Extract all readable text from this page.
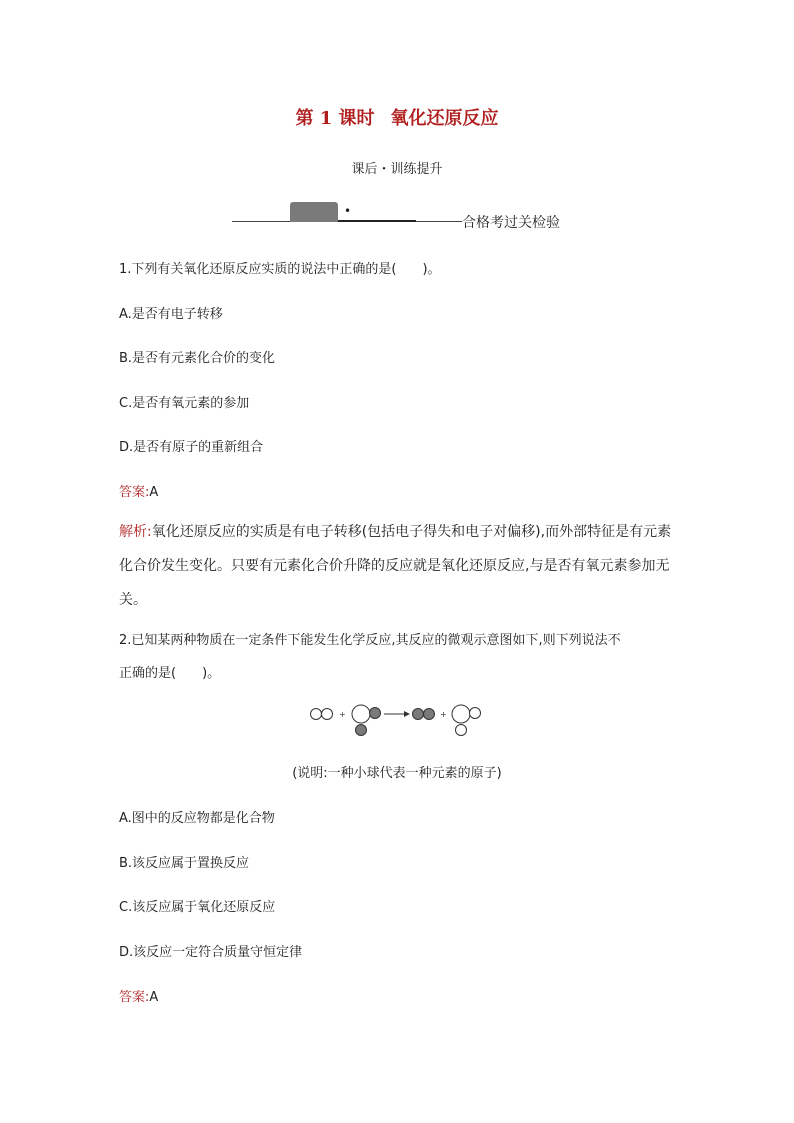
第 1 课时 氧化还原反应
课后・训练提升
•
合格考过关检验
1.下列有关氧化还原反应实质的说法中正确的是(　　)。
A.是否有电子转移
B.是否有元素化合价的变化
C.是否有氧元素的参加
D.是否有原子的重新组合
答案:A
解析:氧化还原反应的实质是有电子转移(包括电子得失和电子对偏移),而外部特征是有元素化合价发生变化。只要有元素化合价升降的反应就是氧化还原反应,与是否有氧元素参加无关。
2.已知某两种物质在一定条件下能发生化学反应,其反应的微观示意图如下,则下列说法不
正确的是(　　)。
+	+
(说明:一种小球代表一种元素的原子)
A.图中的反应物都是化合物
B.该反应属于置换反应
C.该反应属于氧化还原反应
D.该反应一定符合质量守恒定律
答案:A
